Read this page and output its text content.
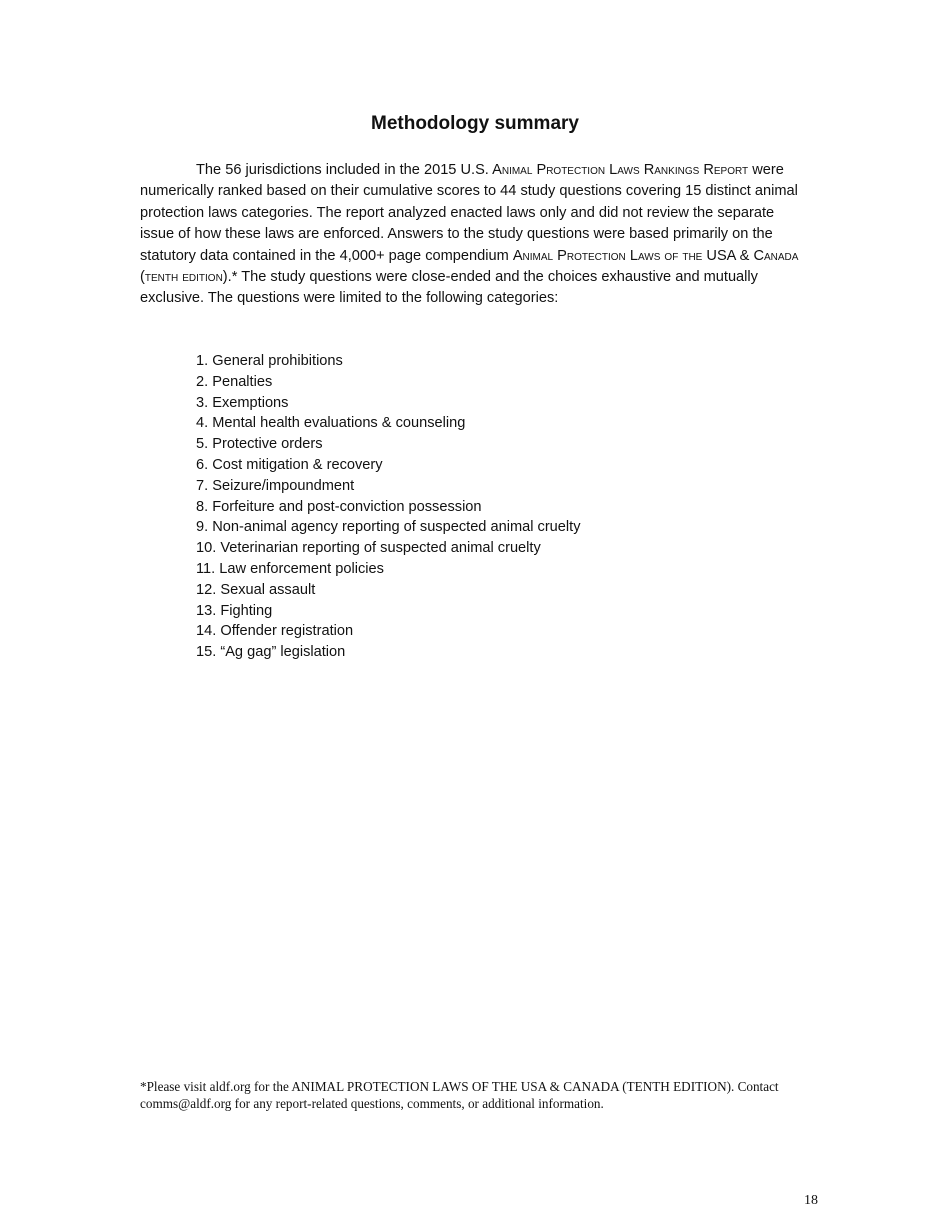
Methodology summary

The 56 jurisdictions included in the 2015 U.S. Animal Protection Laws Rankings Report were numerically ranked based on their cumulative scores to 44 study questions covering 15 distinct animal protection laws categories. The report analyzed enacted laws only and did not review the separate issue of how these laws are enforced. Answers to the study questions were based primarily on the statutory data contained in the 4,000+ page compendium Animal Protection Laws of the USA & Canada (tenth edition).* The study questions were close-ended and the choices exhaustive and mutually exclusive. The questions were limited to the following categories:

1. General prohibitions
2. Penalties
3. Exemptions
4. Mental health evaluations & counseling
5. Protective orders
6. Cost mitigation & recovery
7. Seizure/impoundment
8. Forfeiture and post-conviction possession
9. Non-animal agency reporting of suspected animal cruelty
10. Veterinarian reporting of suspected animal cruelty
11. Law enforcement policies
12. Sexual assault
13. Fighting
14. Offender registration
15. “Ag gag” legislation

*Please visit aldf.org for the ANIMAL PROTECTION LAWS OF THE USA & CANADA (TENTH EDITION). Contact comms@aldf.org for any report-related questions, comments, or additional information.

18
